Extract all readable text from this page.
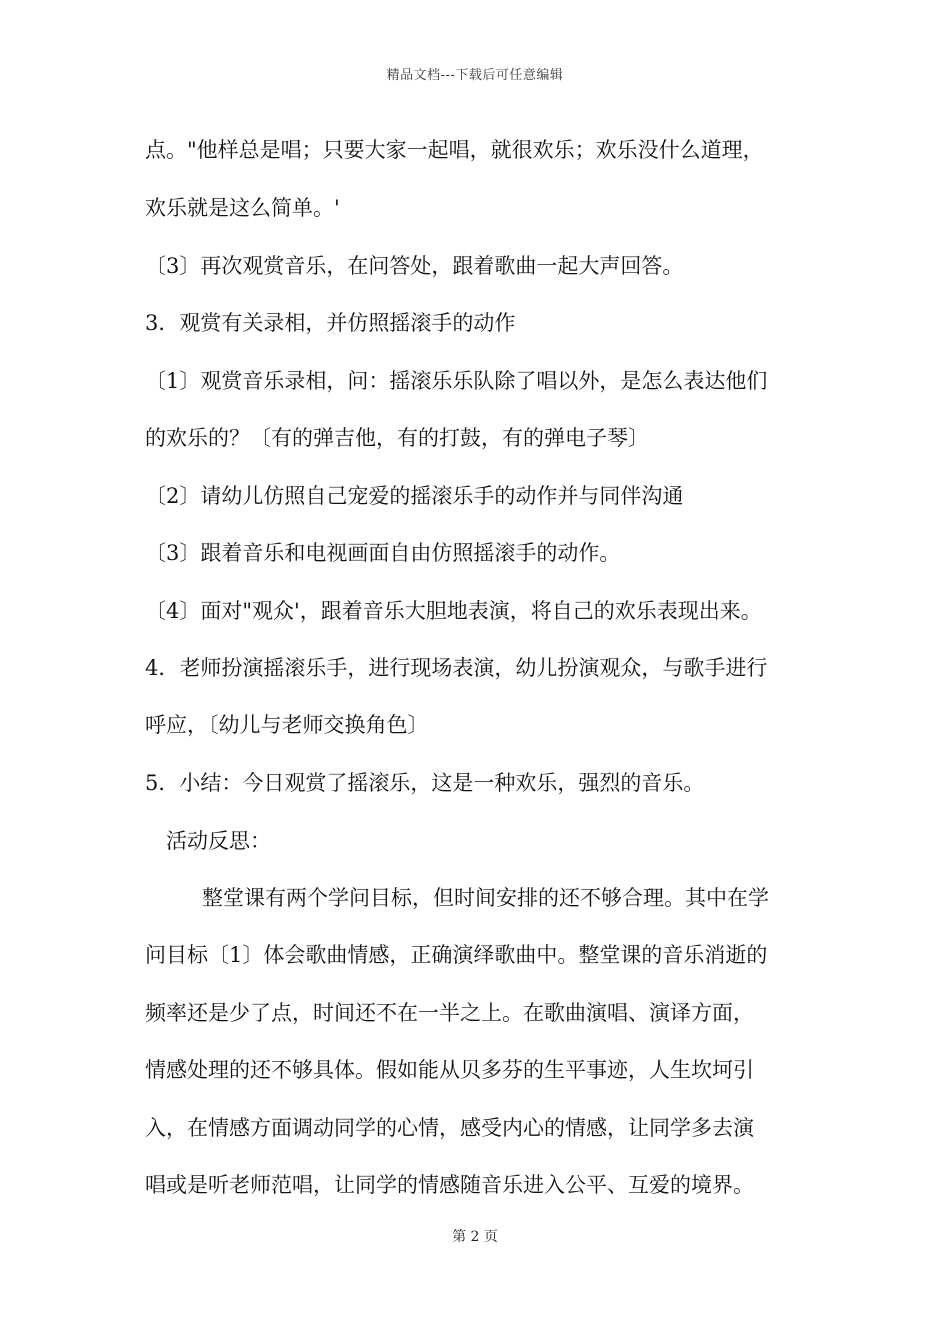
精品文档---下载后可任意编辑
点。"他样总是唱；只要大家一起唱，就很欢乐；欢乐没什么道理，
欢乐就是这么简单。'
〔3〕再次观赏音乐，在问答处，跟着歌曲一起大声回答。
3．观赏有关录相，并仿照摇滚手的动作
〔1〕观赏音乐录相，问：摇滚乐乐队除了唱以外，是怎么表达他们
的欢乐的？〔有的弹吉他，有的打鼓，有的弹电子琴〕
〔2〕请幼儿仿照自己宠爱的摇滚乐手的动作并与同伴沟通
〔3〕跟着音乐和电视画面自由仿照摇滚手的动作。
〔4〕面对"观众'，跟着音乐大胆地表演，将自己的欢乐表现出来。
4．老师扮演摇滚乐手，进行现场表演，幼儿扮演观众，与歌手进行
呼应，〔幼儿与老师交换角色〕
5．小结：今日观赏了摇滚乐，这是一种欢乐，强烈的音乐。
活动反思：
整堂课有两个学问目标，但时间安排的还不够合理。其中在学
问目标〔1〕体会歌曲情感，正确演绎歌曲中。整堂课的音乐消逝的
频率还是少了点，时间还不在一半之上。在歌曲演唱、演译方面，
情感处理的还不够具体。假如能从贝多芬的生平事迹，人生坎坷引
入，在情感方面调动同学的心情，感受内心的情感，让同学多去演
唱或是听老师范唱，让同学的情感随音乐进入公平、互爱的境界。
第 2 页
